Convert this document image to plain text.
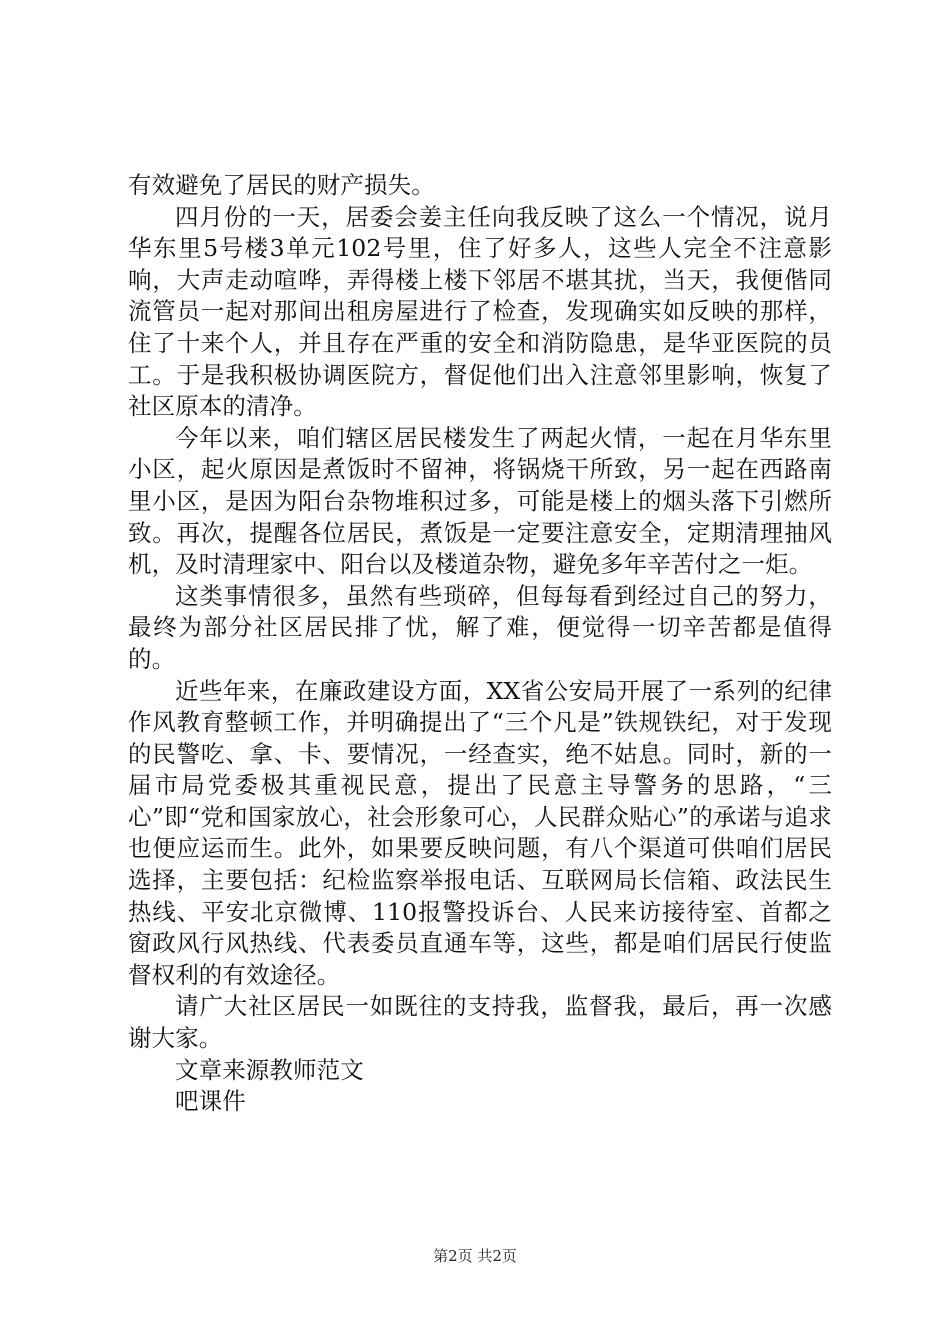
有效避免了居民的财产损失。

四月份的一天，居委会姜主任向我反映了这么一个情况，说月华东里5号楼3单元102号里，住了好多人，这些人完全不注意影响，大声走动喧哗，弄得楼上楼下邻居不堪其扰，当天，我便偕同流管员一起对那间出租房屋进行了检查，发现确实如反映的那样，住了十来个人，并且存在严重的安全和消防隐患，是华亚医院的员工。于是我积极协调医院方，督促他们出入注意邻里影响，恢复了社区原本的清净。

今年以来，咱们辖区居民楼发生了两起火情，一起在月华东里小区，起火原因是煮饭时不留神，将锅烧干所致，另一起在西路南里小区，是因为阳台杂物堆积过多，可能是楼上的烟头落下引燃所致。再次，提醒各位居民，煮饭是一定要注意安全，定期清理抽风机，及时清理家中、阳台以及楼道杂物，避免多年辛苦付之一炬。

这类事情很多，虽然有些琐碎，但每每看到经过自己的努力，最终为部分社区居民排了忧，解了难，便觉得一切辛苦都是值得的。

近些年来，在廉政建设方面，XX省公安局开展了一系列的纪律作风教育整顿工作，并明确提出了“三个凡是”铁规铁纪，对于发现的民警吃、拿、卡、要情况，一经查实，绝不姑息。同时，新的一届市局党委极其重视民意，提出了民意主导警务的思路，“三心”即“党和国家放心，社会形象可心，人民群众贴心”的承诺与追求也便应运而生。此外，如果要反映问题，有八个渠道可供咱们居民选择，主要包括：纪检监察举报电话、互联网局长信箱、政法民生热线、平安北京微博、110报警投诉台、人民来访接待室、首都之窗政风行风热线、代表委员直通车等，这些，都是咱们居民行使监督权利的有效途径。

请广大社区居民一如既往的支持我，监督我，最后，再一次感谢大家。

文章来源教师范文吧课件

第2页 共2页
